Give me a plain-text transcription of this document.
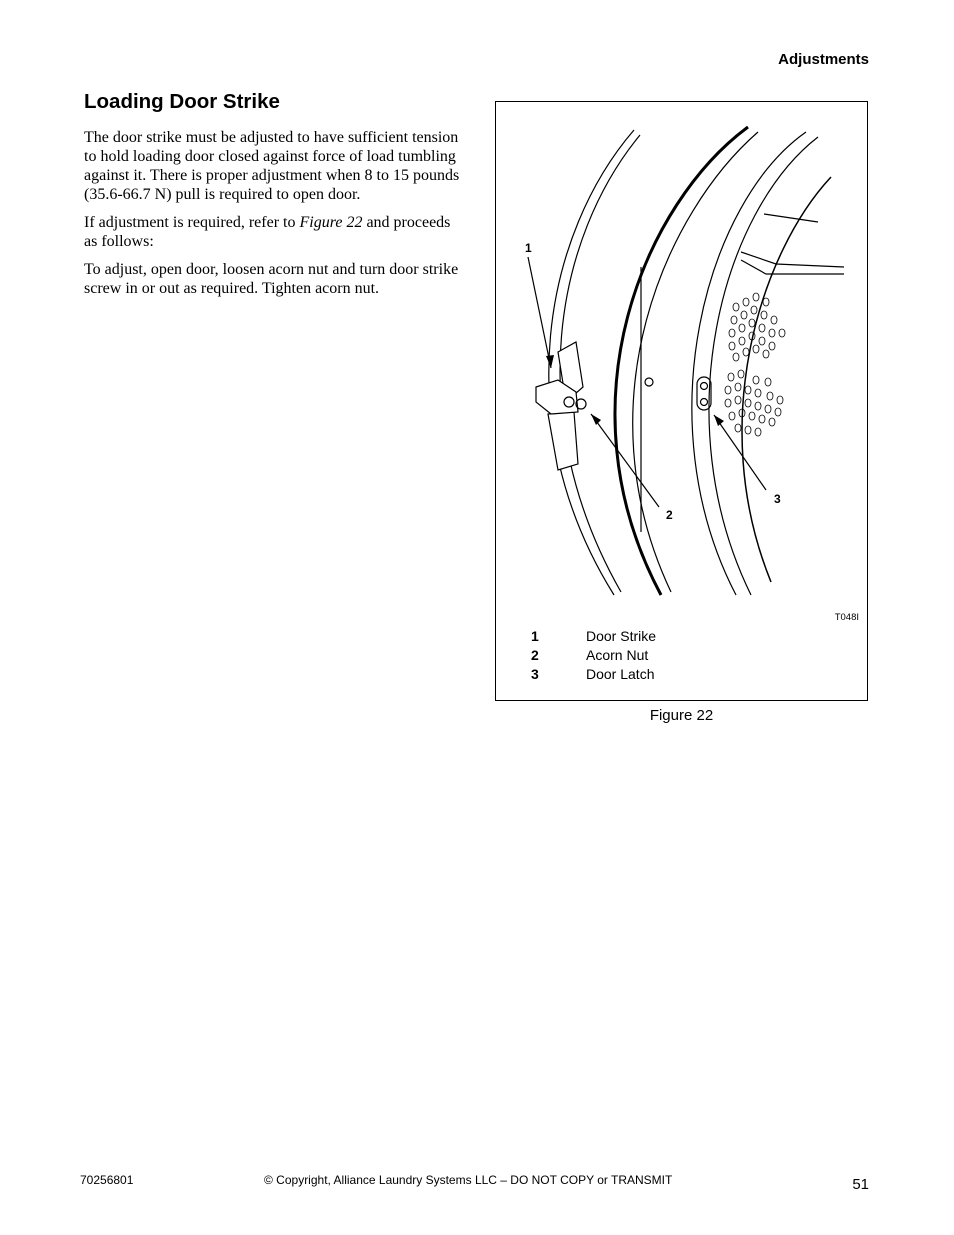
Adjustments
Loading Door Strike

The door strike must be adjusted to have sufficient tension to hold loading door closed against force of load tumbling against it. There is proper adjustment when 8 to 15 pounds (35.6-66.7 N) pull is required to open door.

If adjustment is required, refer to Figure 22 and proceeds as follows:

To adjust, open door, loosen acorn nut and turn door strike screw in or out as required. Tighten acorn nut.

1
2
3
T048I
1	Door Strike
2	Acorn Nut
3	Door Latch
Figure 22
70256801	© Copyright, Alliance Laundry Systems LLC – DO NOT COPY or TRANSMIT	51
